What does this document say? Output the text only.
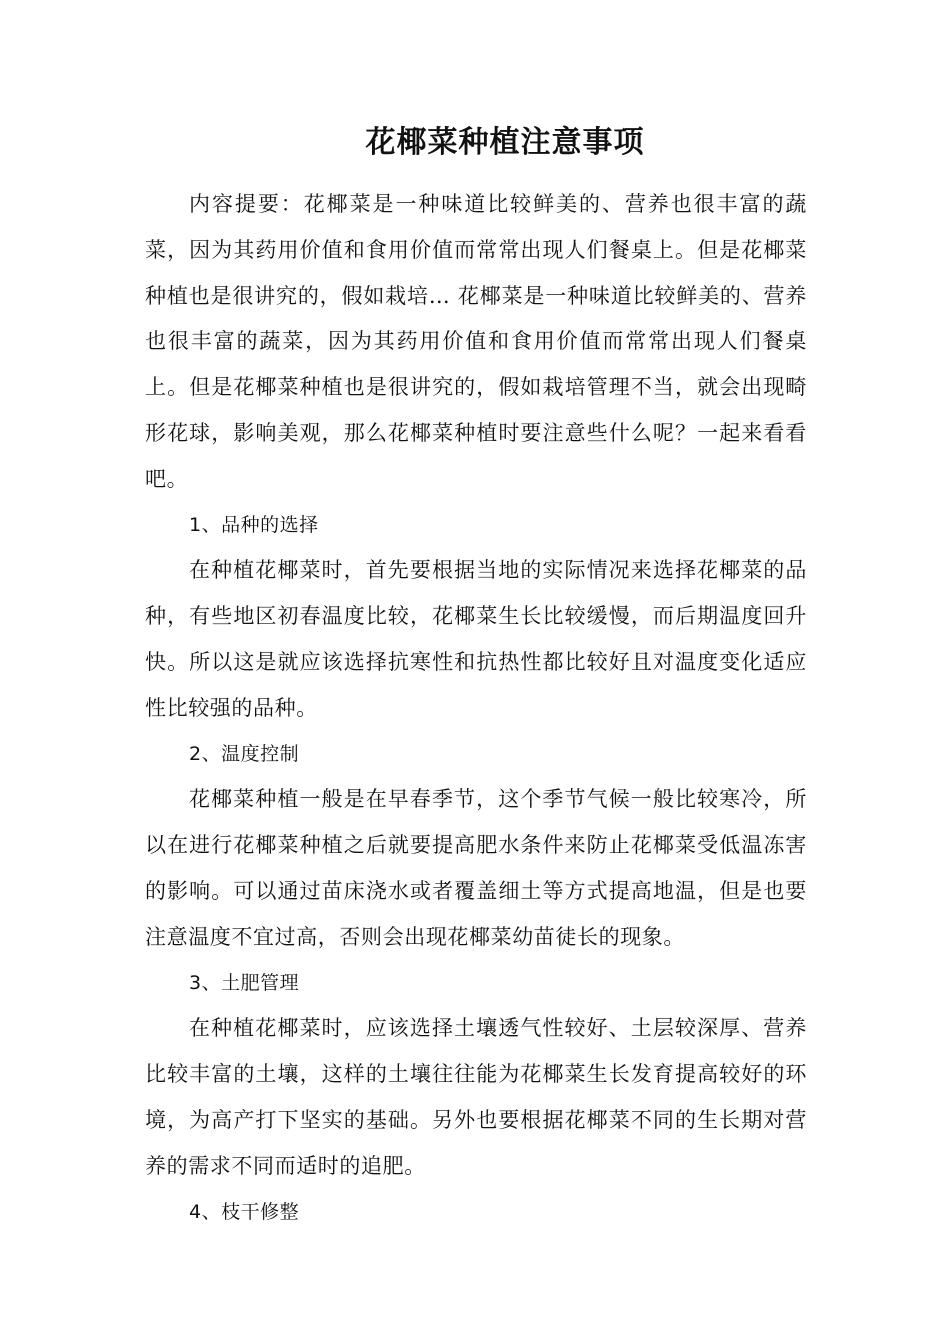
花椰菜种植注意事项

内容提要：花椰菜是一种味道比较鲜美的、营养也很丰富的蔬菜，因为其药用价值和食用价值而常常出现人们餐桌上。但是花椰菜种植也是很讲究的，假如栽培… 花椰菜是一种味道比较鲜美的、营养也很丰富的蔬菜，因为其药用价值和食用价值而常常出现人们餐桌上。但是花椰菜种植也是很讲究的，假如栽培管理不当，就会出现畸形花球，影响美观，那么花椰菜种植时要注意些什么呢？一起来看看吧。

1、品种的选择

在种植花椰菜时，首先要根据当地的实际情况来选择花椰菜的品种，有些地区初春温度比较，花椰菜生长比较缓慢，而后期温度回升快。所以这是就应该选择抗寒性和抗热性都比较好且对温度变化适应性比较强的品种。

2、温度控制

花椰菜种植一般是在早春季节，这个季节气候一般比较寒冷，所以在进行花椰菜种植之后就要提高肥水条件来防止花椰菜受低温冻害的影响。可以通过苗床浇水或者覆盖细土等方式提高地温，但是也要注意温度不宜过高，否则会出现花椰菜幼苗徒长的现象。

3、土肥管理

在种植花椰菜时，应该选择土壤透气性较好、土层较深厚、营养比较丰富的土壤，这样的土壤往往能为花椰菜生长发育提高较好的环境，为高产打下坚实的基础。另外也要根据花椰菜不同的生长期对营养的需求不同而适时的追肥。

4、枝干修整
